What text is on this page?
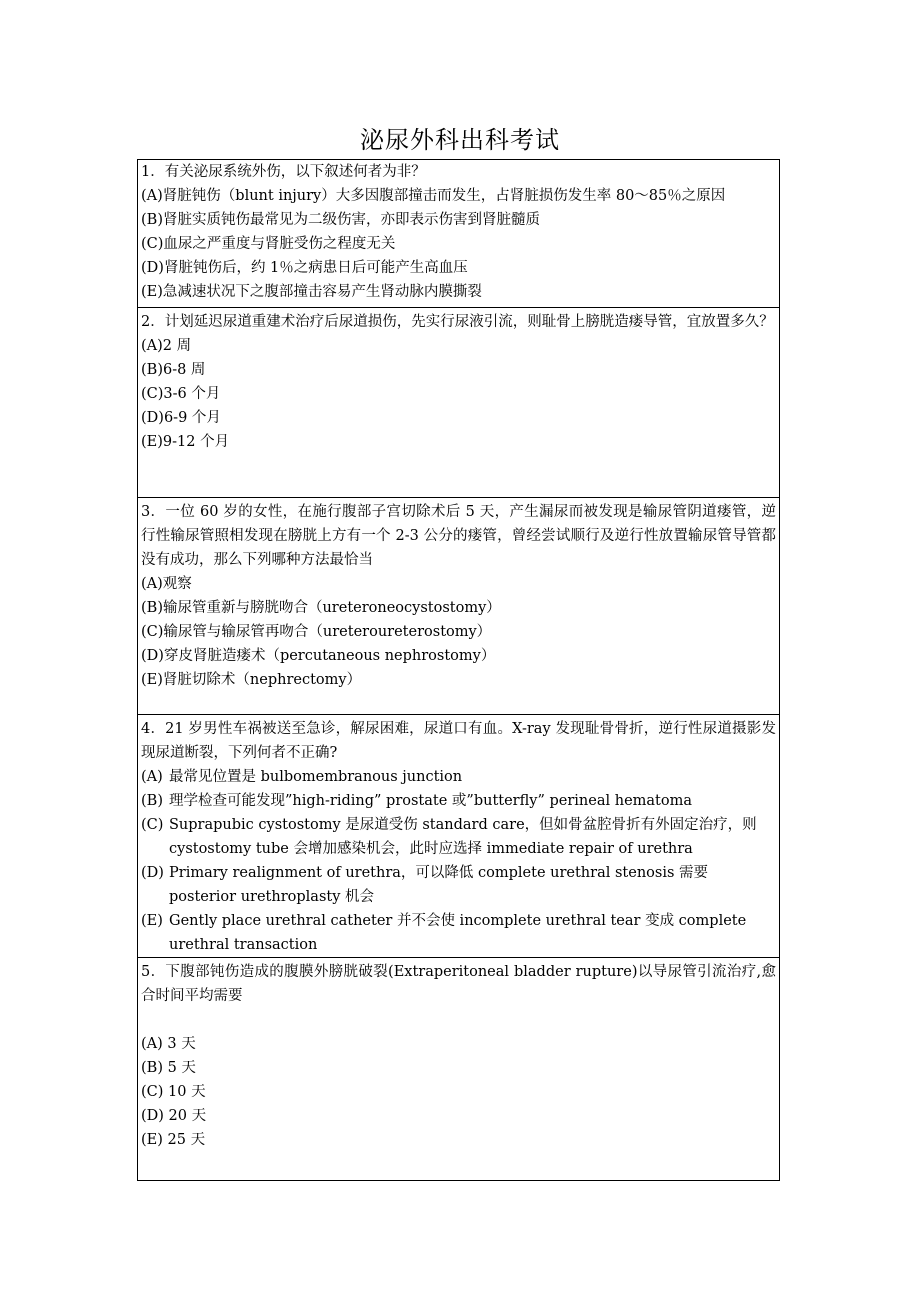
泌尿外科出科考试
1．有关泌尿系统外伤，以下叙述何者为非？
(A)肾脏钝伤（blunt injury）大多因腹部撞击而发生，占肾脏损伤发生率 80～85％之原因
(B)肾脏实质钝伤最常见为二级伤害，亦即表示伤害到肾脏髓质
(C)血尿之严重度与肾脏受伤之程度无关
(D)肾脏钝伤后，约 1％之病患日后可能产生高血压
(E)急减速状况下之腹部撞击容易产生肾动脉内膜撕裂

2．计划延迟尿道重建术治疗后尿道损伤，先实行尿液引流，则耻骨上膀胱造瘘导管，宜放置多久？
(A)2 周
(B)6-8 周
(C)3-6 个月
(D)6-9 个月
(E)9-12 个月

3．一位 60 岁的女性，在施行腹部子宫切除术后 5 天，产生漏尿而被发现是输尿管阴道瘘管，逆行性输尿管照相发现在膀胱上方有一个 2-3 公分的瘘管，曾经尝试顺行及逆行性放置输尿管导管都没有成功，那么下列哪种方法最恰当
(A)观察
(B)输尿管重新与膀胱吻合（ureteroneocystostomy）
(C)输尿管与输尿管再吻合（ureteroureterostomy）
(D)穿皮肾脏造瘘术（percutaneous nephrostomy）
(E)肾脏切除术（nephrectomy）

4．21 岁男性车祸被送至急诊，解尿困难，尿道口有血。X-ray 发现耻骨骨折，逆行性尿道摄影发现尿道断裂，下列何者不正确?
(A) 最常见位置是 bulbomembranous junction
(B) 理学检查可能发现”high-riding” prostate 或”butterfly” perineal hematoma
(C) Suprapubic cystostomy 是尿道受伤 standard care，但如骨盆腔骨折有外固定治疗，则 cystostomy tube 会增加感染机会，此时应选择 immediate repair of urethra
(D) Primary realignment of urethra，可以降低 complete urethral stenosis 需要 posterior urethroplasty 机会
(E) Gently place urethral catheter 并不会使 incomplete urethral tear 变成 complete urethral transaction

5．下腹部钝伤造成的腹膜外膀胱破裂(Extraperitoneal bladder rupture)以导尿管引流治疗,愈合时间平均需要
(A) 3 天
(B) 5 天
(C) 10 天
(D) 20 天
(E) 25 天
